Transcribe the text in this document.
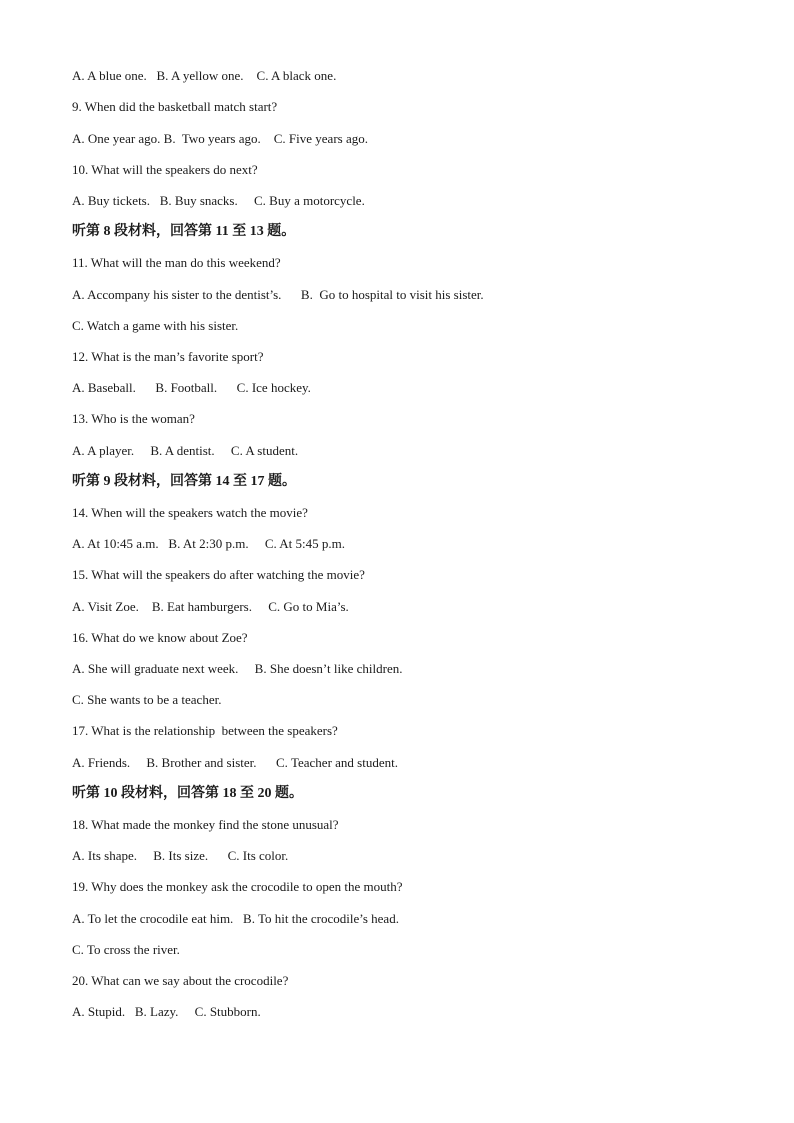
A. A blue one.   B. A yellow one.    C. A black one.
9. When did the basketball match start?
A. One year ago. B.  Two years ago.    C. Five years ago.
10. What will the speakers do next?
A. Buy tickets.   B. Buy snacks.     C. Buy a motorcycle.
听第 8 段材料，回答第 11 至 13 题。
11. What will the man do this weekend?
A. Accompany his sister to the dentist’s.      B.  Go to hospital to visit his sister.
C. Watch a game with his sister.
12. What is the man’s favorite sport?
A. Baseball.      B. Football.      C. Ice hockey.
13. Who is the woman?
A. A player.     B. A dentist.     C. A student.
听第 9 段材料，回答第 14 至 17 题。
14. When will the speakers watch the movie?
A. At 10:45 a.m.   B. At 2:30 p.m.     C. At 5:45 p.m.
15. What will the speakers do after watching the movie?
A. Visit Zoe.    B. Eat hamburgers.     C. Go to Mia’s.
16. What do we know about Zoe?
A. She will graduate next week.     B. She doesn’t like children.
C. She wants to be a teacher.
17. What is the relationship  between the speakers?
A. Friends.     B. Brother and sister.      C. Teacher and student.
听第 10 段材料，回答第 18 至 20 题。
18. What made the monkey find the stone unusual?
A. Its shape.     B. Its size.      C. Its color.
19. Why does the monkey ask the crocodile to open the mouth?
A. To let the crocodile eat him.   B. To hit the crocodile’s head.
C. To cross the river.
20. What can we say about the crocodile?
A. Stupid.   B. Lazy.     C. Stubborn.
